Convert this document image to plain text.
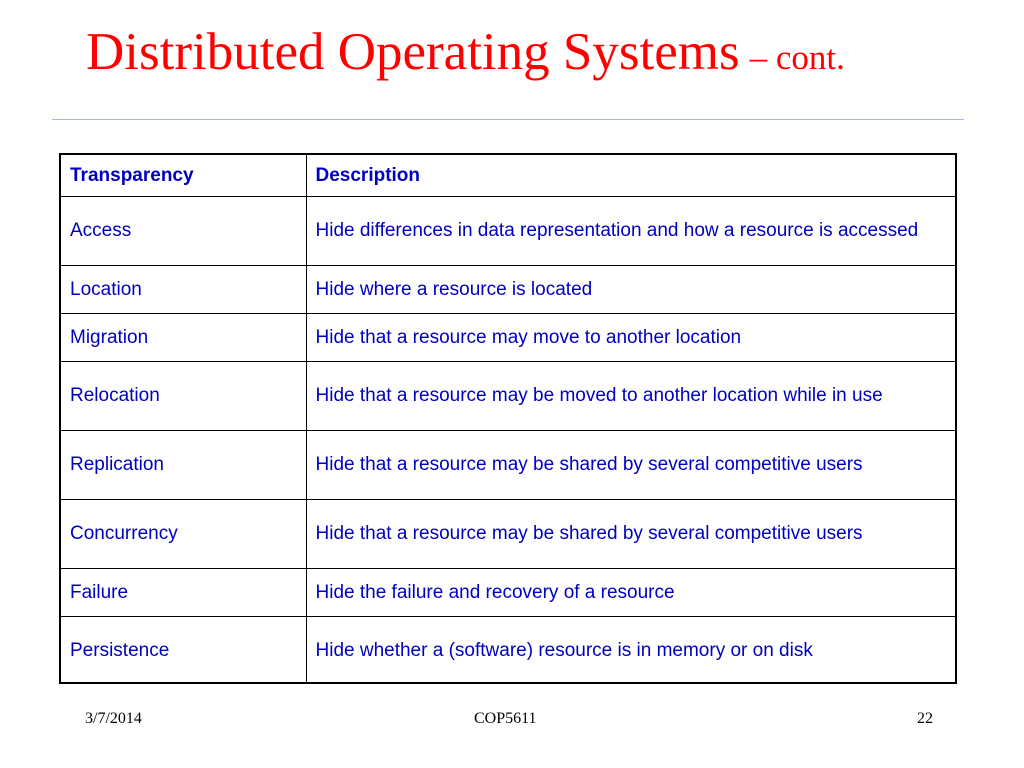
Distributed Operating Systems – cont.
Transparency	Description
Access	Hide differences in data representation and how a resource is accessed
Location	Hide where a resource is located
Migration	Hide that a resource may move to another location
Relocation	Hide that a resource may be moved to another location while in use
Replication	Hide that a resource may be shared by several competitive users
Concurrency	Hide that a resource may be shared by several competitive users
Failure	Hide the failure and recovery of a resource
Persistence	Hide whether a (software) resource is in memory or on disk
3/7/2014	COP5611	22
